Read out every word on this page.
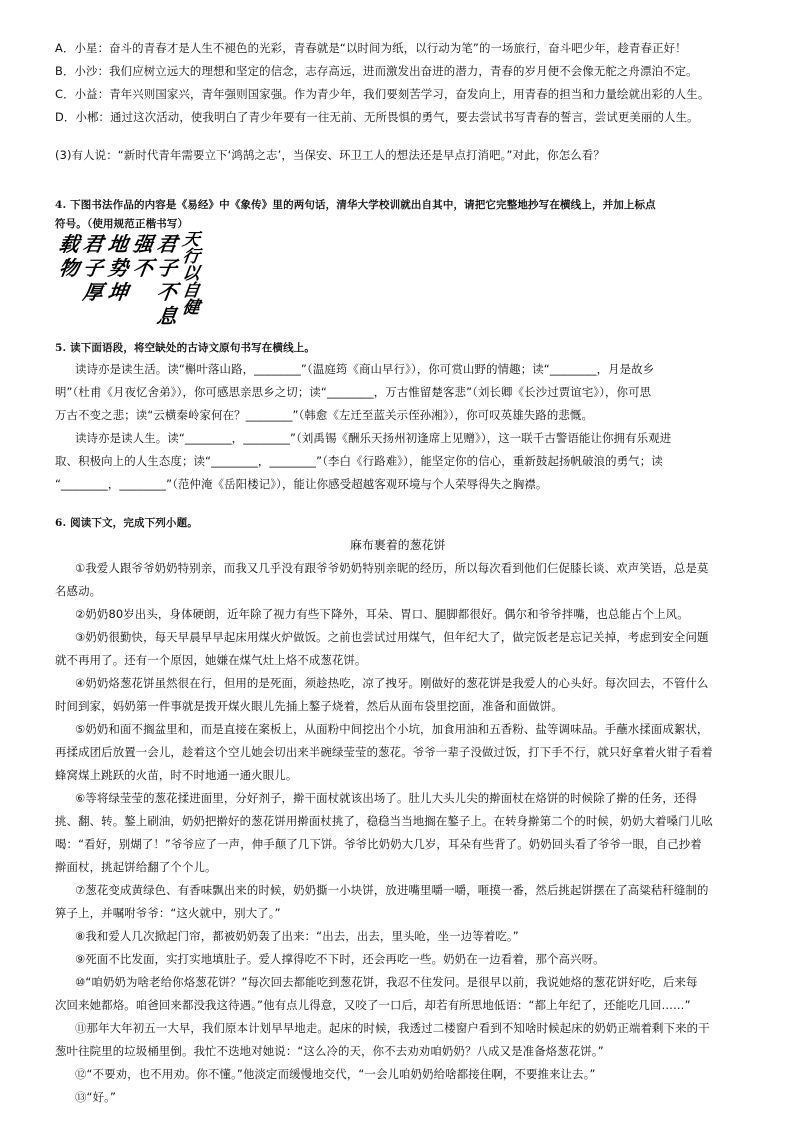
A．小星：奋斗的青春才是人生不褪色的光彩，青春就是“以时间为纸，以行动为笔”的一场旅行，奋斗吧少年，趁青春正好！
B．小沙：我们应树立远大的理想和坚定的信念，志存高远，进而激发出奋进的潜力，青春的岁月便不会像无舵之舟漂泊不定。
C．小益：青年兴则国家兴，青年强则国家强。作为青少年，我们要刻苦学习，奋发向上，用青春的担当和力量绘就出彩的人生。
D．小郴：通过这次活动，使我明白了青少年要有一往无前、无所畏惧的勇气，要去尝试书写青春的誓言，尝试更美丽的人生。
(3)有人说：“新时代青年需要立下‘鸿鹄之志’，当保安、环卫工人的想法还是早点打消吧。”对此，你怎么看？
4. 下图书法作品的内容是《易经》中《象传》里的两句话，清华大学校训就出自其中，请把它完整地抄写在横线上，并加上标点
符号。（使用规范正楷书写）
天
行
以
自
健
君
子
不
息
强
不
地
势
坤
君
子
厚
载
物
5. 读下面语段，将空缺处的古诗文原句书写在横线上。
读诗亦是读生活。读“槲叶落山路，________”（温庭筠《商山早行》），你可赏山野的情趣；读“________，月是故乡
明”（杜甫《月夜忆舍弟》），你可感思亲思乡之切；读“________，万古惟留楚客悲”（刘长卿《长沙过贾谊宅》），你可思
万古不变之悲；读“云横秦岭家何在？________”（韩愈《左迁至蓝关示侄孙湘》），你可叹英雄失路的悲慨。
读诗亦是读人生。读“________，________”（刘禹锡《酬乐天扬州初逢席上见赠》），这一联千古警语能让你拥有乐观进
取、积极向上的人生态度；读“________，________”（李白《行路难》），能坚定你的信心，重新鼓起扬帆破浪的勇气；读
“________，________”（范仲淹《岳阳楼记》），能让你感受超越客观环境与个人荣辱得失之胸襟。
6. 阅读下文，完成下列小题。
麻布裹着的葱花饼
①我爱人跟爷爷奶奶特别亲，而我又几乎没有跟爷爷奶奶特别亲昵的经历，所以每次看到他们仨促膝长谈、欢声笑语，总是莫
名感动。
②奶奶80岁出头，身体硬朗，近年除了视力有些下降外，耳朵、胃口、腿脚都很好。偶尔和爷爷拌嘴，也总能占个上风。
③奶奶很勤快，每天早晨早早起床用煤火炉做饭。之前也尝试过用煤气，但年纪大了，做完饭老是忘记关掉，考虑到安全问题
就不再用了。还有一个原因，她嫌在煤气灶上烙不成葱花饼。
④奶奶烙葱花饼虽然很在行，但用的是死面，须趁热吃，凉了拽牙。刚做好的葱花饼是我爱人的心头好。每次回去，不管什么
时间到家，妈奶第一件事就是拨开煤火眼儿先捅上鏊子烧着，然后从面布袋里挖面，准备和面做饼。
⑤奶奶和面不搁盆里和，而是直接在案板上，从面粉中间挖出个小坑，加食用油和五香粉、盐等调味品。手蘸水揉面成絮状，
再揉成团后放置一会儿，趁着这个空儿她会切出来半碗绿莹莹的葱花。爷爷一辈子没做过饭，打下手不行，就只好拿着火钳子看着
蜂窝煤上跳跃的火苗，时不时地通一通火眼儿。
⑥等将绿莹莹的葱花揉进面里，分好剂子，擀干面杖就该出场了。肚儿大头儿尖的擀面杖在烙饼的时候除了擀的任务，还得
挑、翻、转。鏊上刷油，奶奶把擀好的葱花饼用擀面杖挑了，稳稳当当地搁在鏊子上。在转身擀第二个的时候，奶奶大着嗓门儿吆
喝：“看好，别煳了！”爷爷应了一声，伸手颠了几下饼。爷爷比奶奶大几岁，耳朵有些背了。奶奶回头看了爷爷一眼，自己抄着
擀面杖，挑起饼给翻了个个儿。
⑦葱花变成黄绿色、有香味飘出来的时候，奶奶撕一小块饼，放进嘴里嚼一嚼，咂摸一番，然后挑起饼摆在了高粱秸秆缝制的
箅子上，并嘱咐爷爷：“这火就中，别大了。”
⑧我和爱人几次掀起门帘，都被奶奶轰了出来：“出去，出去，里头呛，坐一边等着吃。”
⑨死面不比发面，实打实地填肚子。爱人撑得吃不下时，还会再吃一些。奶奶在一边看着，那个高兴呀。
⑩“咱奶奶为啥老给你烙葱花饼？”每次回去都能吃到葱花饼，我忍不住发问。是很早以前，我说她烙的葱花饼好吃，后来每
次回来她都烙。咱爸回来都没我这待遇。”他有点儿得意，又咬了一口后，却若有所思地低语：“都上年纪了，还能吃几回……”
⑪那年大年初五一大早，我们原本计划早早地走。起床的时候，我透过二楼窗户看到不知啥时候起床的奶奶正端着剩下来的干
葱叶往院里的垃圾桶里倒。我忙不迭地对她说：“这么冷的天，你不去劝劝咱奶奶？八成又是准备烙葱花饼。”
⑫“不要劝，也不用劝。你不懂。”他淡定而缓慢地交代，“一会儿咱奶奶给啥都接住啊，不要推来让去。”
⑬“好。”
